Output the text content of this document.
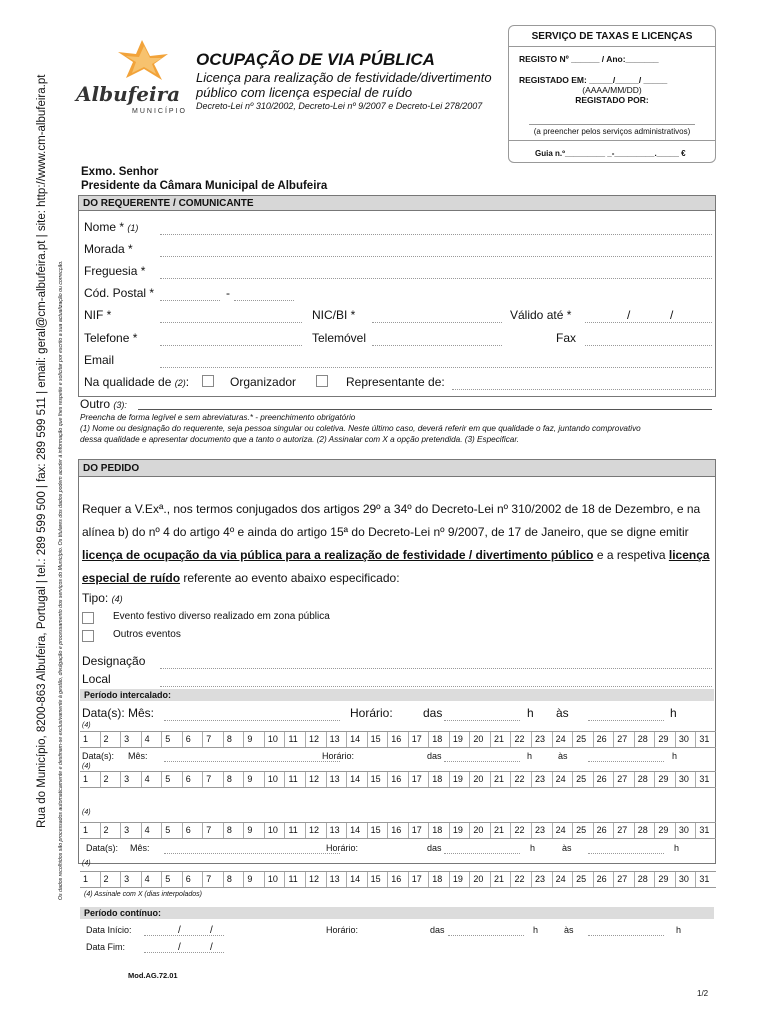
Rua do Município, 8200-863 Albufeira, Portugal | tel.: 289 599 500 | fax: 289 599 511 | email: geral@cm-albufeira.pt | site: http://www.cm-albufeira.pt Os dados recolhidos são processados automaticamente e destinam-se exclusivamente à gestão, divulgação e processamento dos serviços do Município. Os titulares dos dados podem aceder à informação que lhes respeite e solicitar por escrito a sua actualização ou correcção.
Albufeira
MUNICÍPIO
OCUPAÇÃO DE VIA PÚBLICA
Licença para realização de festividade/divertimento
público com licença especial de ruído
Decreto-Lei nº 310/2002, Decreto-Lei nº 9/2007 e Decreto-Lei 278/2007
SERVIÇO DE TAXAS E LICENÇAS
REGISTO Nº ______ / Ano:_______
REGISTADO EM: _____/_____/ _____
(AAAA/MM/DD)
REGISTADO POR:
(a preencher pelos serviços administrativos)
Guia n.º_________ _-_________._____ €
Exmo. Senhor
Presidente da Câmara Municipal de Albufeira
DO REQUERENTE / COMUNICANTE
Nome * (1)
Morada *
Freguesia *
Cód. Postal *	-
NIF *	NIC/BI *	Válido até *	/	/
Telefone *	Telemóvel	Fax
Email
Na qualidade de (2):	Organizador	Representante de:
Outro (3):
Preencha de forma legível e sem abreviaturas.* - preenchimento obrigatório
(1) Nome ou designação do requerente, seja pessoa singular ou coletiva. Neste último caso, deverá referir em que qualidade o faz, juntando comprovativo
dessa qualidade e apresentar documento que a tanto o autoriza. (2) Assinalar com X a opção pretendida. (3) Especificar.
DO PEDIDO
Requer a V.Exª., nos termos conjugados dos artigos 29º a 34º do Decreto-Lei nº 310/2002 de 18 de Dezembro, e na
alínea b) do nº 4 do artigo 4º e ainda do artigo 15ª do Decreto-Lei nº 9/2007, de 17 de Janeiro, que se digne emitir
licença de ocupação da via pública para a realização de festividade / divertimento público e a respetiva licença
especial de ruído referente ao evento abaixo especificado:
Tipo: (4)
Evento festivo diverso realizado em zona pública
Outros eventos
Designação
Local
Período intercalado:
Data(s): Mês:	Horário:	das	h às	h
(4)
1	2	3	4	5	6	7	8	9	10	11	12	13	14	15	16	17	18	19	20	21	22	23	24	25	26	27	28	29	30	31
Data(s): Mês:	Horário:	das	h	às	h
(4)
1	2	3	4	5	6	7	8	9	10	11	12	13	14	15	16	17	18	19	20	21	22	23	24	25	26	27	28	29	30	31
(4)
1	2	3	4	5	6	7	8	9	10	11	12	13	14	15	16	17	18	19	20	21	22	23	24	25	26	27	28	29	30	31
Data(s): Mês:	Horário:	das	h	às	h
(4)
1	2	3	4	5	6	7	8	9	10	11	12	13	14	15	16	17	18	19	20	21	22	23	24	25	26	27	28	29	30	31
(4) Assinale com X (dias interpolados)
Período contínuo:
Data Início:	/	/	Horário:	das	h	às	h
Data Fim:	/	/
Mod.AG.72.01
1/2
